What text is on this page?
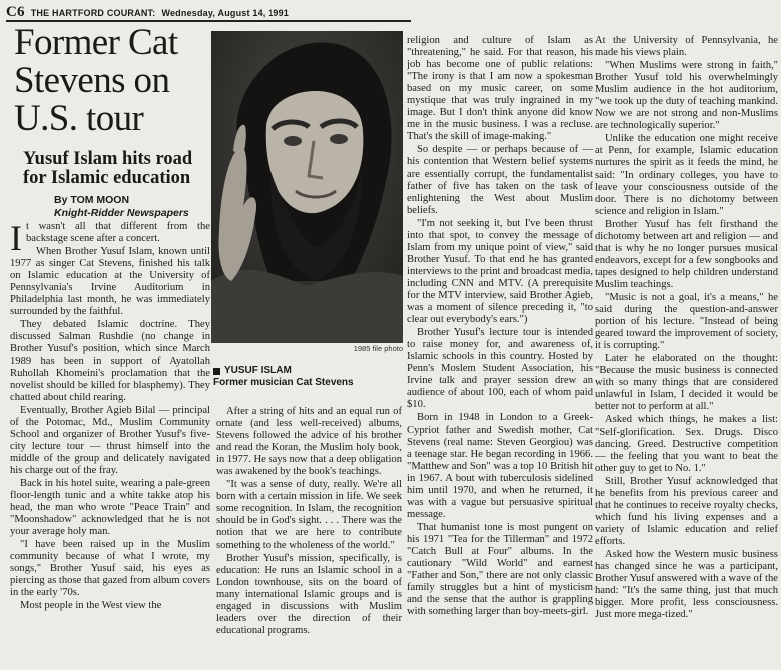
C6 THE HARTFORD COURANT: Wednesday, August 14, 1991
Former Cat Stevens on U.S. tour
Yusuf Islam hits road for Islamic education
By TOM MOON
Knight-Ridder Newspapers

It wasn't all that different from the backstage scene after a concert.

When Brother Yusuf Islam, known until 1977 as singer Cat Stevens, finished his talk on Islamic education at the University of Pennsylvania's Irvine Auditorium in Philadelphia last month, he was immediately surrounded by the faithful.

They debated Islamic doctrine. They discussed Salman Rushdie (no change in Brother Yusuf's position, which since March 1989 has been in support of Ayatollah Ruhollah Khomeini's proclamation that the novelist should be killed for blasphemy). They chatted about child rearing.

Eventually, Brother Agieb Bilal — principal of the Potomac, Md., Muslim Community School and organizer of Brother Yusuf's five-city lecture tour — thrust himself into the middle of the group and delicately navigated his charge out of the fray.

Back in his hotel suite, wearing a pale-green floor-length tunic and a white takke atop his head, the man who wrote "Peace Train" and "Moonshadow" acknowledged that he is not your average holy man.

"I have been raised up in the Muslim community because of what I wrote, my songs," Brother Yusuf said, his eyes as piercing as those that gazed from album covers in the early '70s.

Most people in the West view the

1985 file photo
YUSUF ISLAM
Former musician Cat Stevens

After a string of hits and an equal run of ornate (and less well-received) albums, Stevens followed the advice of his brother and read the Koran, the Muslim holy book, in 1977. He says now that a deep obligation was awakened by the book's teachings.

"It was a sense of duty, really. We're all born with a certain mission in life. We seek some recognition. In Islam, the recognition should be in God's sight. . . . There was the notion that we are here to contribute something to the wholeness of the world."

Brother Yusuf's mission, specifically, is education: He runs an Islamic school in a London townhouse, sits on the board of many international Islamic groups and is engaged in discussions with Muslim leaders over the direction of their educational programs.

religion and culture of Islam as "threatening," he said. For that reason, his job has become one of public relations: "The irony is that I am now a spokesman based on my music career, on some mystique that was truly ingrained in my image. But I don't think anyone did know me in the music business. I was a recluse. That's the skill of image-making."

So despite — or perhaps because of — his contention that Western belief systems are essentially corrupt, the fundamentalist father of five has taken on the task of enlightening the West about Muslim beliefs.

"I'm not seeking it, but I've been thrust into that spot, to convey the message of Islam from my unique point of view," said Brother Yusuf. To that end he has granted interviews to the print and broadcast media, including CNN and MTV. (A prerequisite for the MTV interview, said Brother Agieb, was a moment of silence preceding it, "to clear out everybody's ears.")

Brother Yusuf's lecture tour is intended to raise money for, and awareness of, Islamic schools in this country. Hosted by Penn's Moslem Student Association, his Irvine talk and prayer session drew an audience of about 100, each of whom paid $10.

Born in 1948 in London to a Greek-Cypriot father and Swedish mother, Cat Stevens (real name: Steven Georgiou) was a teenage star. He began recording in 1966. "Matthew and Son" was a top 10 British hit in 1967. A bout with tuberculosis sidelined him until 1970, and when he returned, it was with a vague but persuasive spiritual message.

That humanist tone is most pungent on his 1971 "Tea for the Tillerman" and 1972 "Catch Bull at Four" albums. In the cautionary "Wild World" and earnest "Father and Son," there are not only classic family struggles but a hint of mysticism and the sense that the author is grappling with something larger than boy-meets-girl.

At the University of Pennsylvania, he made his views plain.

"When Muslims were strong in faith," Brother Yusuf told his overwhelmingly Muslim audience in the hot auditorium, "we took up the duty of teaching mankind. Now we are not strong and non-Muslims are technologically superior."

Unlike the education one might receive at Penn, for example, Islamic education nurtures the spirit as it feeds the mind, he said: "In ordinary colleges, you have to leave your consciousness outside of the door. There is no dichotomy between science and religion in Islam."

Brother Yusuf has felt firsthand the dichotomy between art and religion — and that is why he no longer pursues musical endeavors, except for a few songbooks and tapes designed to help children understand Muslim teachings.

"Music is not a goal, it's a means," he said during the question-and-answer portion of his lecture. "Instead of being geared toward the improvement of society, it is corrupting."

Later he elaborated on the thought: "Because the music business is connected with so many things that are considered unlawful in Islam, I decided it would be better not to perform at all."

Asked which things, he makes a list: "Self-glorification. Sex. Drugs. Disco dancing. Greed. Destructive competition — the feeling that you want to beat the other guy to get to No. 1."

Still, Brother Yusuf acknowledged that he benefits from his previous career and that he continues to receive royalty checks, which fund his living expenses and a variety of Islamic education and relief efforts.

Asked how the Western music business has changed since he was a participant, Brother Yusuf answered with a wave of the hand: "It's the same thing, just that much bigger. More profit, less consciousness. Just more mega-tized."
